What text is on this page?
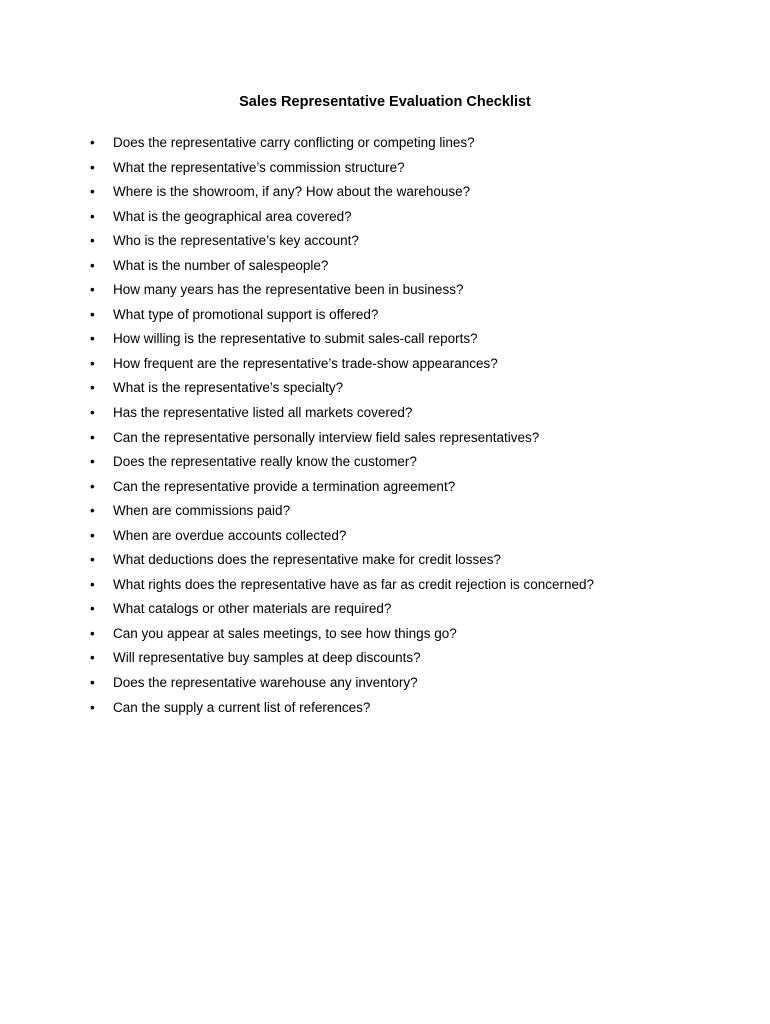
Sales Representative Evaluation Checklist
•	Does the representative carry conflicting or competing lines?
•	What the representative’s commission structure?
•	Where is the showroom, if any? How about the warehouse?
•	What is the geographical area covered?
•	Who is the representative’s key account?
•	What is the number of salespeople?
•	How many years has the representative been in business?
•	What type of promotional support is offered?
•	How willing is the representative to submit sales-call reports?
•	How frequent are the representative’s trade-show appearances?
•	What is the representative’s specialty?
•	Has the representative listed all markets covered?
•	Can the representative personally interview field sales representatives?
•	Does the representative really know the customer?
•	Can the representative provide a termination agreement?
•	When are commissions paid?
•	When are overdue accounts collected?
•	What deductions does the representative make for credit losses?
•	What rights does the representative have as far as credit rejection is concerned?
•	What catalogs or other materials are required?
•	Can you appear at sales meetings, to see how things go?
•	Will representative buy samples at deep discounts?
•	Does the representative warehouse any inventory?
•	Can the supply a current list of references?
